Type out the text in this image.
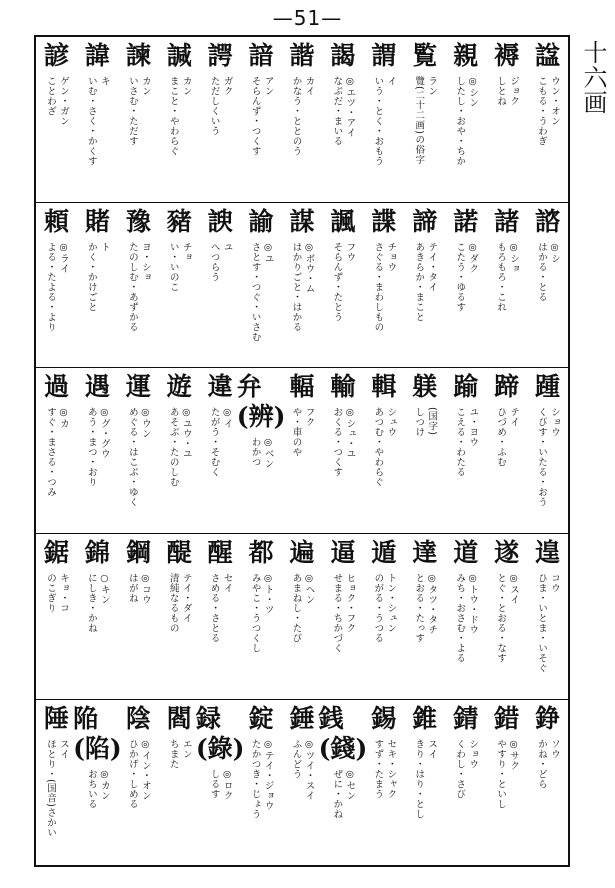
—51—
十六画
諡
ウン・オン
こもる・うわぎ
褥
ジョク
しとね
親
◎シン
したし・おや・ちか
覧
ラン
覽(二十二画)の俗字
謂
イ
いう・とく・おもう
謁
◎エツ・アイ
なぶだ・まいる
諧
カイ
かなう・ととのう
諳
アン
そらんず・つくす
諤
ガク
ただしくいう
諴
カン
まこと・やわらぐ
諫
カン
いさむ・ただす
諱
キ
いむ・さく・かくす
諺
ゲン・ガン
ことわざ
諮
◎シ
はかる・とる
諸
◎ショ
もろもろ・これ
諾
◎ダク
こたう・ゆるす
諦
テイ・タイ
あきらか・まこと
諜
チョウ
さぐる・まわしもの
諷
フウ
そらんず・たとう
謀
◎ボウ・ム
はかりごと・はかる
諭
◎ユ
さとす・つぐ・いさむ
諛
ユ
へつらう
豬
チョ
い・いのこ
豫
ヨ・ショ
たのしむ・あずかる
賭
ト
かく・かけごと
頼
◎ライ
よる・たよる・より
踵
ショウ
くびす・いたる・おう
蹄
テイ
ひづめ・ふむ
踰
ユ・ヨウ
こえる・わたる
躾
(国字)
しつけ
輯
シュウ
あつむ・やわらぐ
輸
◎シュ・ユ
おくる・つくす
輻
フク
や・車のや
弁(辨)
◎ベン
わかつ
違
◎イ
たがう・そむく
遊
◎ユウ・ユ
あそぶ・たのしむ
運
◎ウン
めぐる・はこぶ・ゆく
遇
◎グ・グウ
あう・まつ・おり
過
◎カ
すぐ・まさる・つみ
遑
コウ
ひま・いとま・いそぐ
遂
◎スイ
とぐ・とおる・なす
道
◎トウ・ドウ
みち・おさむ・よる
達
◎タツ・タチ
とおる・たっす
遁
トン・シュン
のがる・うつる
逼
ヒョク・フク
せまる・ちかづく
遍
◎ヘン
あまねし・たび
都
◎ト・ツ
みやこ・うつくし
醒
セイ
さめる・さとる
醍
テイ・ダイ
清純なるもの
鋼
◎コウ
はがね
錦
○キン
にしき・かね
鋸
キョ・コ
のこぎり
錚
ソウ
かね・どら
錯
◎サク
やすり・といし
錆
ショウ
くわし・さび
錐
スイ
きり・はり・とし
錫
セキ・シャク
すず・たまう
銭(錢)
◎セン
ぜに・かね
錘
◎ツイ・スイ
ふんどう
錠
◎テイ・ジョウ
たかつき・じょう
録(錄)
◎ロク
しるす
閻
エン
ちまた
陰
◎イン・オン
ひかげ・しめる
陥(陷)
◎カン
おちいる
陲
スイ
ほとり・(国音)さかい
